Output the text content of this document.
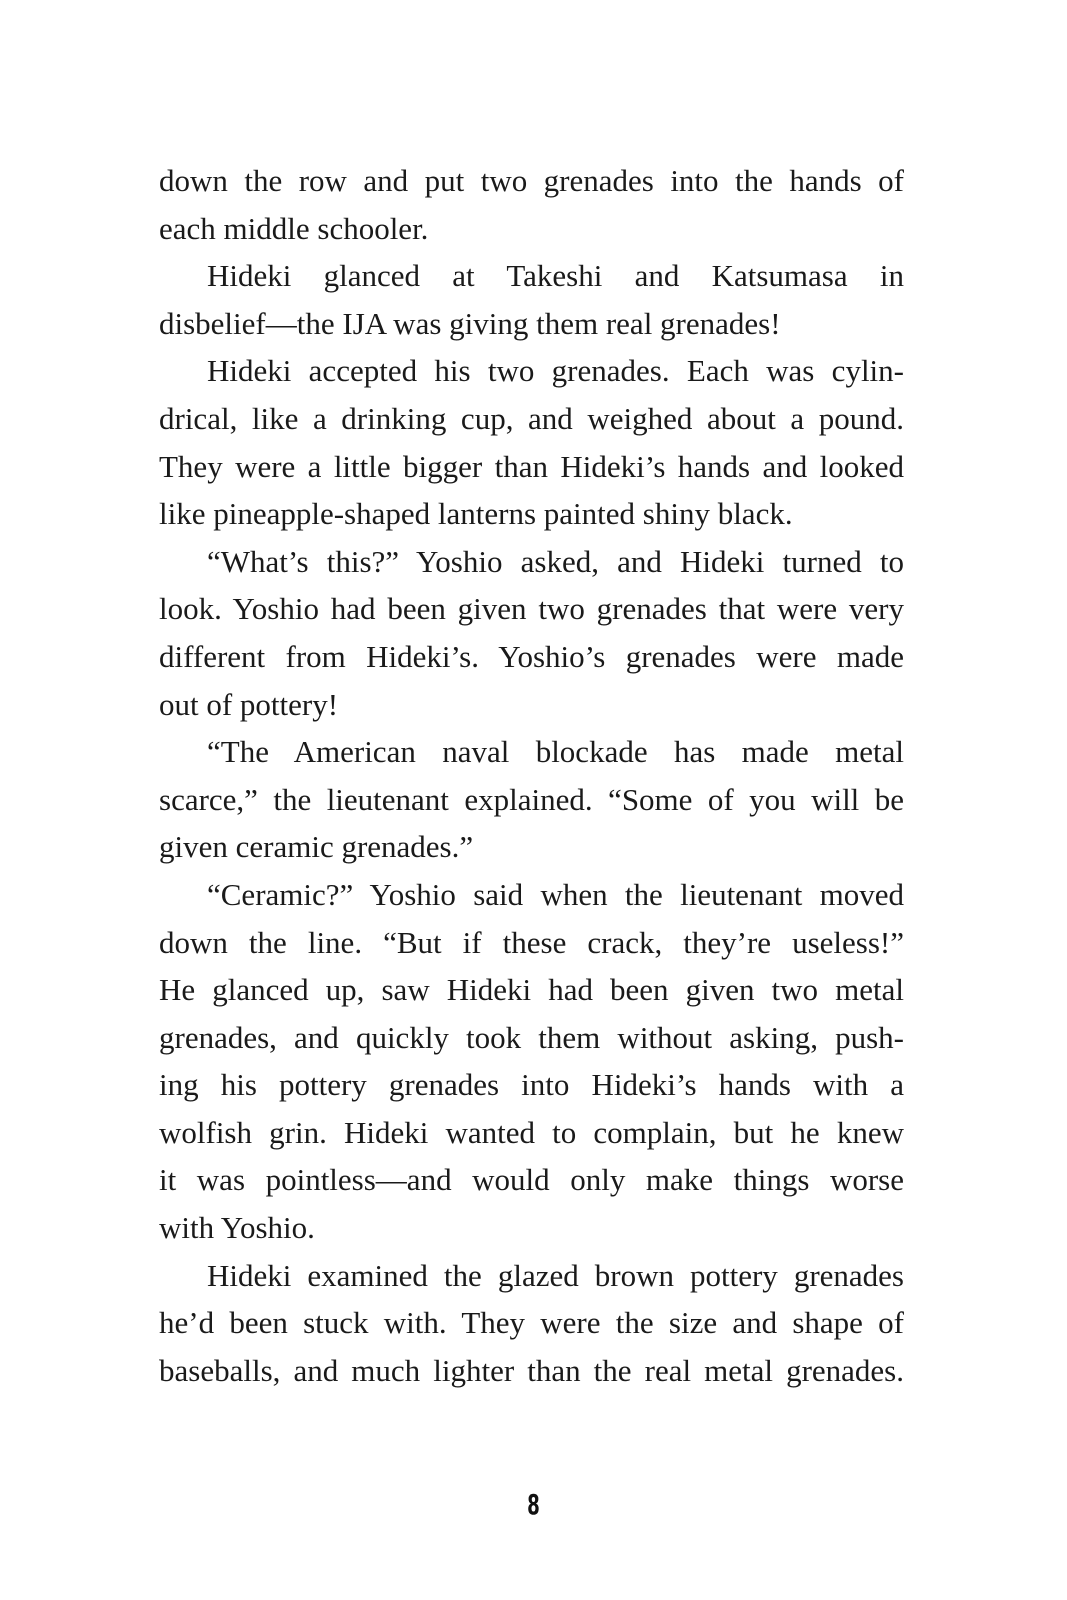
down the row and put two grenades into the hands of
each middle schooler.
Hideki glanced at Takeshi and Katsumasa in
disbelief—the IJA was giving them real grenades!
Hideki accepted his two grenades. Each was cylin-
drical, like a drinking cup, and weighed about a pound.
They were a little bigger than Hideki’s hands and looked
like pineapple-shaped lanterns painted shiny black.
“What’s this?” Yoshio asked, and Hideki turned to
look. Yoshio had been given two grenades that were very
different from Hideki’s. Yoshio’s grenades were made
out of pottery!
“The American naval blockade has made metal
scarce,” the lieutenant explained. “Some of you will be
given ceramic grenades.”
“Ceramic?” Yoshio said when the lieutenant moved
down the line. “But if these crack, they’re useless!”
He glanced up, saw Hideki had been given two metal
grenades, and quickly took them without asking, push-
ing his pottery grenades into Hideki’s hands with a
wolfish grin. Hideki wanted to complain, but he knew
it was pointless—and would only make things worse
with Yoshio.
Hideki examined the glazed brown pottery grenades
he’d been stuck with. They were the size and shape of
baseballs, and much lighter than the real metal grenades.
8
